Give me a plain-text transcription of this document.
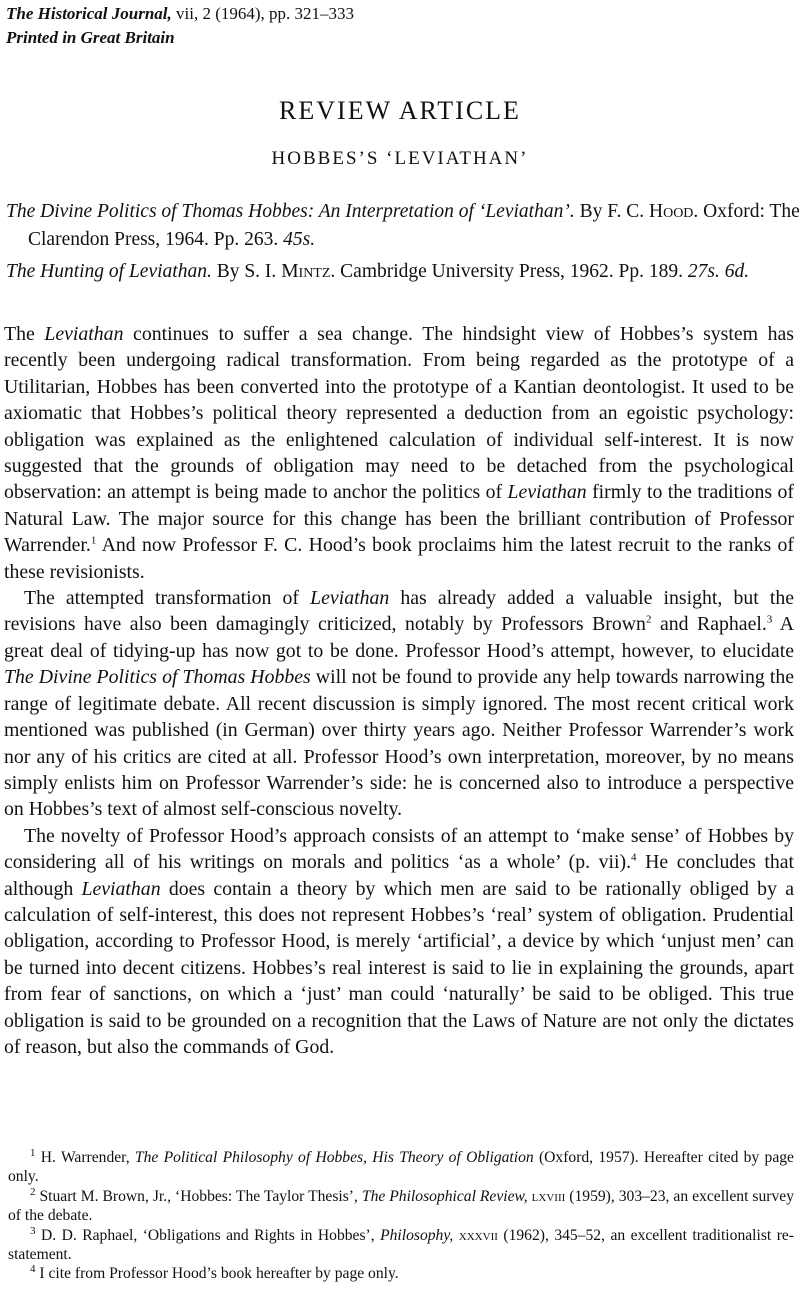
The Historical Journal, vii, 2 (1964), pp. 321–333
Printed in Great Britain
REVIEW ARTICLE
HOBBES’S ‘LEVIATHAN’
The Divine Politics of Thomas Hobbes: An Interpretation of ‘Leviathan’. By F. C. Hood. Oxford: The Clarendon Press, 1964. Pp. 263. 45s.
The Hunting of Leviathan. By S. I. Mintz. Cambridge University Press, 1962. Pp. 189. 27s. 6d.

The Leviathan continues to suffer a sea change. The hindsight view of Hobbes’s system has recently been undergoing radical transformation. From being regarded as the prototype of a Utilitarian, Hobbes has been converted into the prototype of a Kantian deontologist. It used to be axiomatic that Hobbes’s political theory represented a deduction from an egoistic psychology: obligation was explained as the enlightened calculation of individual self-interest. It is now suggested that the grounds of obligation may need to be detached from the psychological observation: an attempt is being made to anchor the politics of Leviathan firmly to the traditions of Natural Law. The major source for this change has been the brilliant contribution of Professor Warrender.$^1$ And now Professor F. C. Hood’s book proclaims him the latest recruit to the ranks of these revisionists.

The attempted transformation of Leviathan has already added a valuable insight, but the revisions have also been damagingly criticized, notably by Professors Brown$^2$ and Raphael.$^3$ A great deal of tidying-up has now got to be done. Professor Hood’s attempt, however, to elucidate The Divine Politics of Thomas Hobbes will not be found to provide any help towards narrowing the range of legitimate debate. All recent discussion is simply ignored. The most recent critical work mentioned was published (in German) over thirty years ago. Neither Professor Warrender’s work nor any of his critics are cited at all. Professor Hood’s own interpretation, moreover, by no means simply enlists him on Professor Warrender’s side: he is concerned also to introduce a perspective on Hobbes’s text of almost self-conscious novelty.

The novelty of Professor Hood’s approach consists of an attempt to ‘make sense’ of Hobbes by considering all of his writings on morals and politics ‘as a whole’ (p. vii).$^4$ He concludes that although Leviathan does contain a theory by which men are said to be rationally obliged by a calculation of self-interest, this does not represent Hobbes’s ‘real’ system of obligation. Prudential obligation, according to Professor Hood, is merely ‘artificial’, a device by which ‘unjust men’ can be turned into decent citizens. Hobbes’s real interest is said to lie in explaining the grounds, apart from fear of sanctions, on which a ‘just’ man could ‘naturally’ be said to be obliged. This true obligation is said to be grounded on a recognition that the Laws of Nature are not only the dictates of reason, but also the commands of God.

$^1$ H. Warrender, The Political Philosophy of Hobbes, His Theory of Obligation (Oxford, 1957). Hereafter cited by page only.

$^2$ Stuart M. Brown, Jr., ‘Hobbes: The Taylor Thesis’, The Philosophical Review, lxviii (1959), 303–23, an excellent survey of the debate.

$^3$ D. D. Raphael, ‘Obligations and Rights in Hobbes’, Philosophy, xxxvii (1962), 345–52, an excellent traditionalist re-statement.

$^4$ I cite from Professor Hood’s book hereafter by page only.
